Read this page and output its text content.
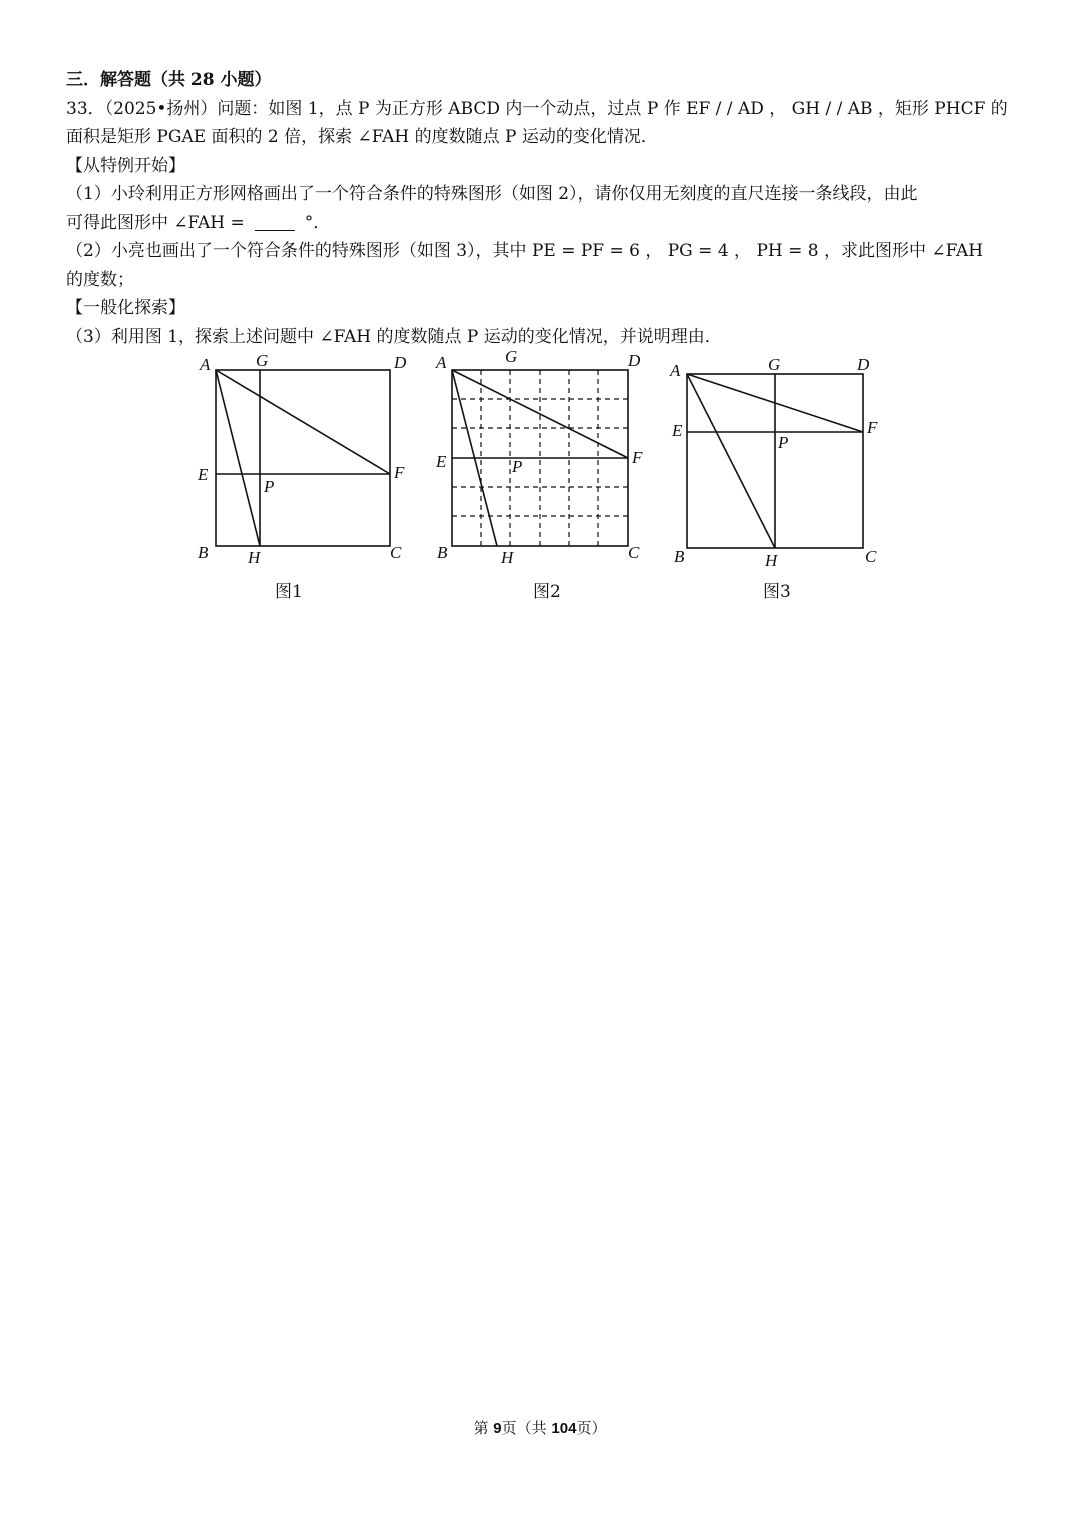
三．解答题（共 28 小题）
33．（2025•扬州）问题：如图 1，点 P 为正方形 ABCD 内一个动点，过点 P 作 EF / / AD ， GH / / AB ，矩形 PHCF 的
面积是矩形 PGAE 面积的 2 倍，探索 ∠FAH 的度数随点 P 运动的变化情况．
【从特例开始】
（1）小玲利用正方形网格画出了一个符合条件的特殊图形（如图 2），请你仅用无刻度的直尺连接一条线段，由此
可得此图形中 ∠FAH =	°．
（2）小亮也画出了一个符合条件的特殊图形（如图 3），其中 PE = PF = 6 ， PG = 4 ， PH = 8 ，求此图形中 ∠FAH
的度数；
【一般化探索】
（3）利用图 1，探索上述问题中 ∠FAH 的度数随点 P 运动的变化情况，并说明理由．
A	G	D
E	F
P
B H	C
图1
A	G	D
E	F
P
B	H	C
图2
A	G	D
E	F
P
B	H	C
图3
第 9页（共 104页）
